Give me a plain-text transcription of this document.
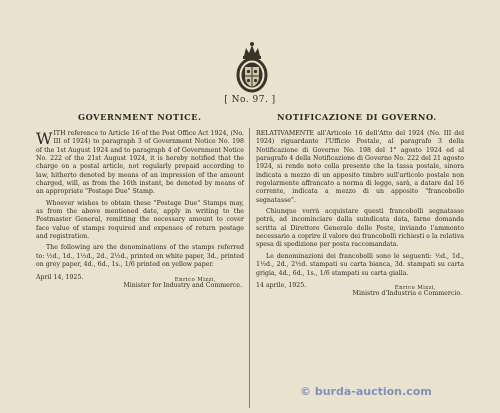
[ No. 97. ]
GOVERNMENT NOTICE.	NOTIFICAZIONE DI GOVERNO.

WITH reference to Article 16 of the Post Office Act 1924, (No. III of 1924) to paragraph 3 of Government Notice No. 198 of the 1st August 1924 and to paragraph 4 of Government Notice No. 222 of the 21st August 1924, it is hereby notified that the charge on a postal article, not regularly prepaid according to law, hitherto denoted by means of an impression of the amount charged, will, as from the 16th instant, be denoted by means of an appropriate "Postage Due" Stamp.

Whoever wishes to obtain these "Postage Due" Stamps may, as from the above mentioned date, apply in writing to the Postmaster General, remitting the necessary amount to cover face value of stamps required and expenses of return postage and registration.

The following are the denominations of the stamps referred to: ½d., 1d., 1½d., 2d., 2½d., printed on white paper, 3d., printed on grey paper, 4d., 6d., 1s., 1/6 printed on yellow paper.

April 14, 1925.	Enrico Mizzi,
Minister for Industry and Commerce.

RELATIVAMENTE all'Articolo 16 dell'Atto del 1924 (No. III del 1924) riguardante l'Ufficio Postale, al paragrafo 3 della Notificazione di Governo No. 198 del 1° agosto 1924 ed al paragrafo 4 della Notificazione di Governo No. 222 del 21 agosto 1924, si rende noto colla presente che la tassa postale, sinora indicata a mezzo di un apposito timbro sull'articolo postale non regolarmente affrancato a norma di legge, sarà, a datare dal 16 corrente, indicata a mezzo di un apposito "francobollo segnatasse".

Chiunque vorrà acquistare questi francobolli segnatasse potrà, ad incominciare dalla suindicata data, farne domanda scritta al Direttore Generale delle Poste, inviando l'ammonto necessario a coprire il valore dei francobolli richiesti e la relativa spesa di spedizione per posta raccomandata.

Le denominazioni dei francobolli sono le seguenti: ½d., 1d., 1½d., 2d., 2½d. stampati su carta bianca, 3d. stampati su carta grigia, 4d., 6d., 1s., 1/6 stampati su carta gialla.

14 aprile, 1925.	Enrico Mizzi,
Ministro d'Industria e Commercio.
© burda-auction.com
